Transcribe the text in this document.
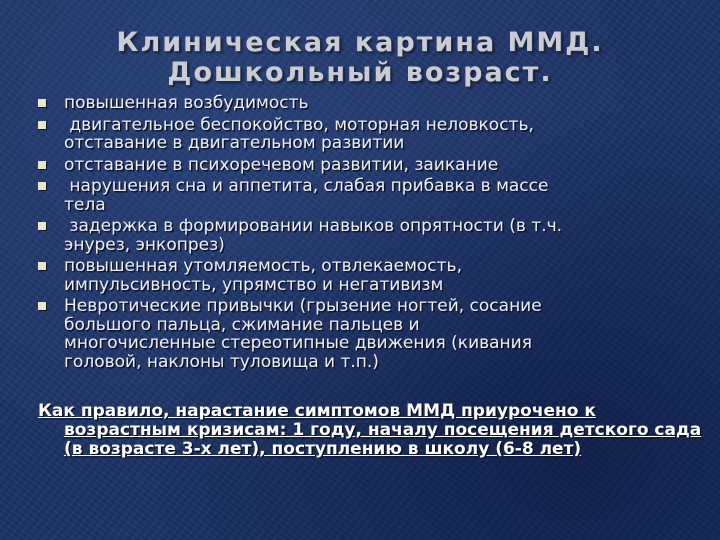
Клиническая картина ММД.
Дошкольный возраст.
повышенная возбудимость
двигательное беспокойство, моторная неловкость,
отставание в двигательном развитии
отставание в психоречевом развитии, заикание
нарушения сна и аппетита, слабая прибавка в массе
тела
задержка в формировании навыков опрятности (в т.ч.
энурез, энкопрез)
повышенная утомляемость, отвлекаемость,
импульсивность, упрямство и негативизм
Невротические привычки (грызение ногтей, сосание
большого пальца, сжимание пальцев и
многочисленные стереотипные движения (кивания
головой, наклоны туловища и т.п.)
Как правило, нарастание симптомов ММД приурочено к возрастным кризисам: 1 году, началу посещения детского сада (в возрасте 3-х лет), поступлению в школу (6-8 лет)
